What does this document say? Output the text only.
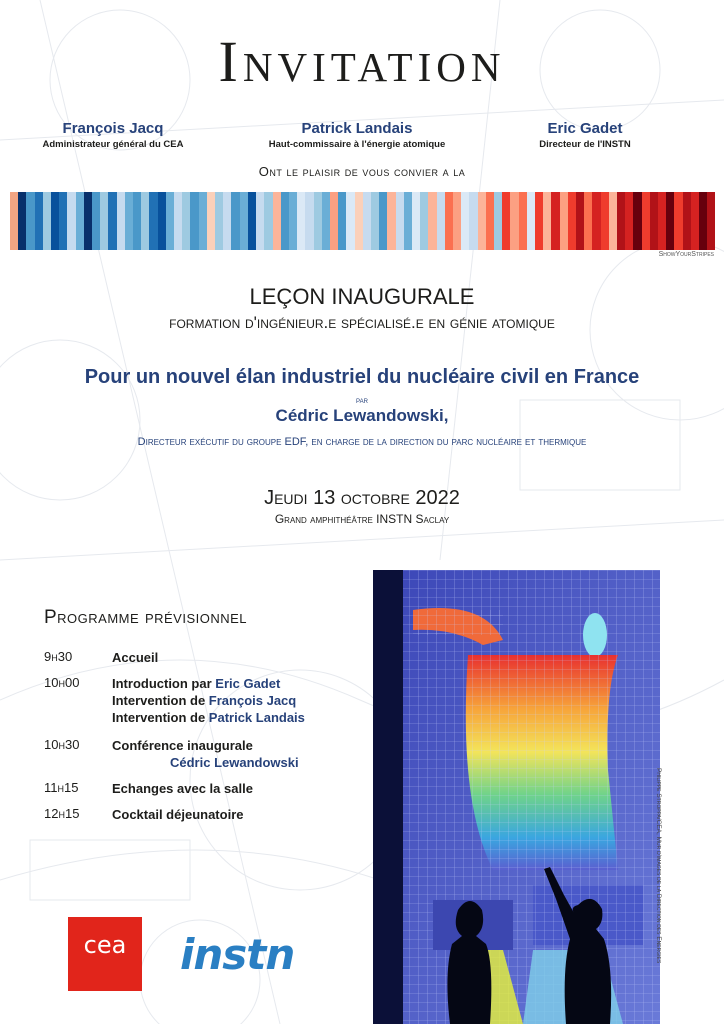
Invitation
François Jacq
Administrateur général du CEA
Patrick Landais
Haut-commissaire à l'énergie atomique
Eric Gadet
Directeur de l'INSTN
Ont le plaisir de vous convier a la
ShowYourStripes
LEÇON INAUGURALE
formation d'ingénieur.e spécialisé.e en génie atomique
Pour un nouvel élan industriel du nucléaire civil en France
par
Cédric Lewandowski,
Directeur exécutif du groupe EDF, en charge de la direction du parc nucléaire et thermique
Jeudi 13 octobre 2022
Grand amphithéâtre INSTN Saclay
Programme prévisionnel
9h30	Accueil
10h00	Introduction par Eric Gadet
Intervention de François Jacq
Intervention de Patrick Landais
10h30	Conférence inaugurale
Cédric Lewandowski
11h15	Echanges avec la salle
12h15	Cocktail déjeunatoire	Philippe Stroppa/CEA, Mur d'images de la Direction des Energies
cea	instn
